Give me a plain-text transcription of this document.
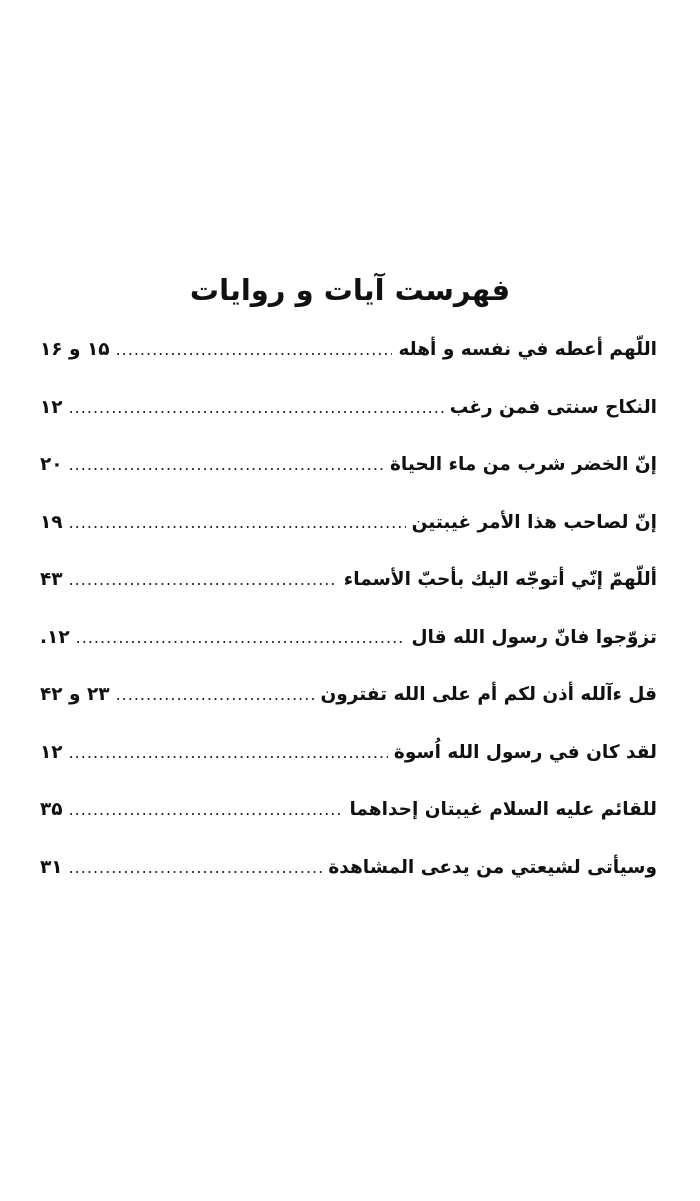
فهرست آیات و روایات
اللّهم أعطه في نفسه و أهله
.....
۱۵ و ۱۶
النكاح سنتى فمن رغب
.....
۱۲
إنّ الخضر شرب من ماء الحياة
.....
۲۰
إنّ لصاحب هذا الأمر غيبتين
.....
۱۹
أللّهمّ إنّي أتوجّه اليك بأحبّ الأسماء
.....
۴۳
تزوّجوا فانّ رسول الله قال
.....
۱۲.
قل ءآلله أذن لكم أم على الله تفترون
.....
۲۳ و ۴۲
لقد كان في رسول الله اُسوة
.....
۱۲
للقائم عليه السلام غيبتان إحداهما
.....
۳۵
وسيأتى لشيعتي من يدعى المشاهدة
.....
۳۱
